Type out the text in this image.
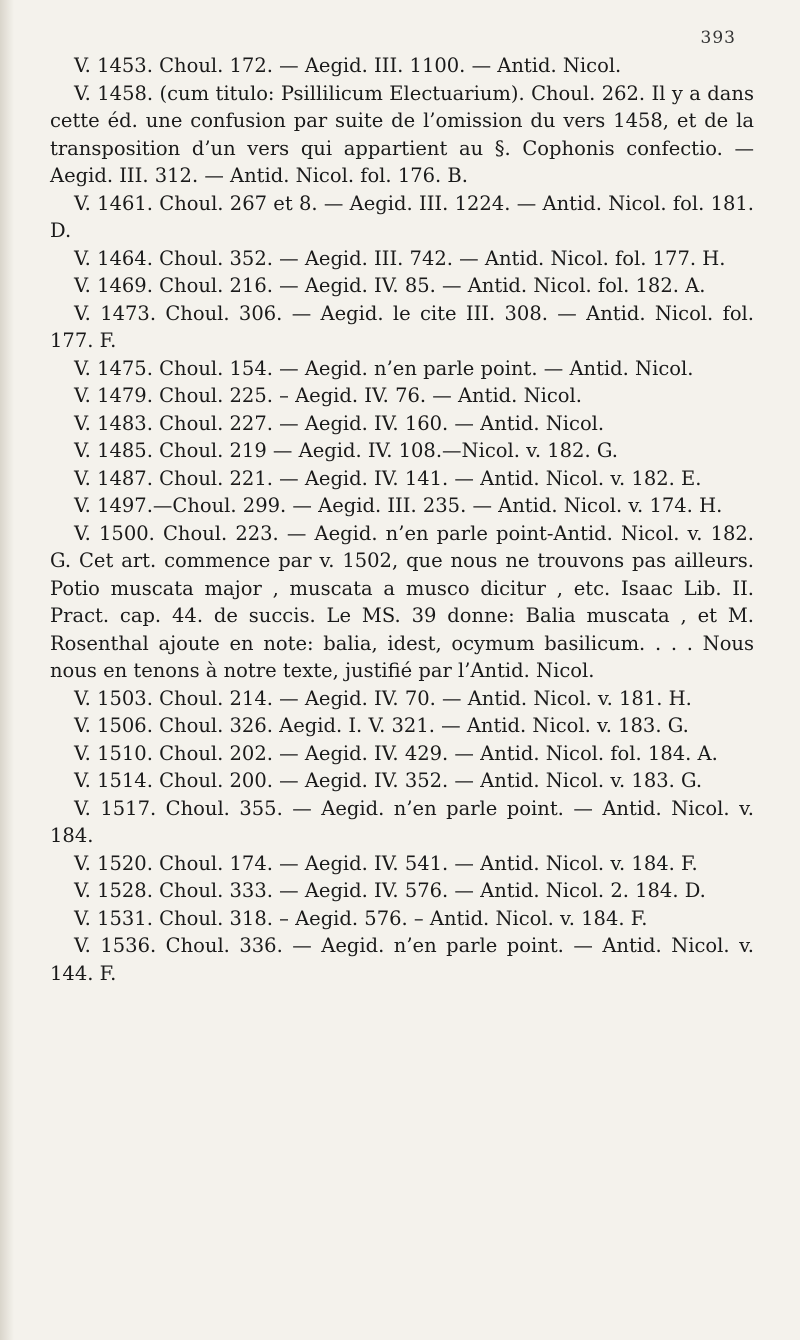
393

V. 1453. Choul. 172. — Aegid. III. 1100. — Antid. Nicol.

V. 1458. (cum titulo: Psillilicum Electuarium). Choul. 262. Il y a dans cette éd. une confusion par suite de l’omission du vers 1458, et de la transposition d’un vers qui appartient au §. Cophonis confectio. — Aegid. III. 312. — Antid. Nicol. fol. 176. B.

V. 1461. Choul. 267 et 8. — Aegid. III. 1224. — Antid. Nicol. fol. 181. D.

V. 1464. Choul. 352. — Aegid. III. 742. — Antid. Nicol. fol. 177. H.

V. 1469. Choul. 216. — Aegid. IV. 85. — Antid. Nicol. fol. 182. A.

V. 1473. Choul. 306. — Aegid. le cite III. 308. — Antid. Nicol. fol. 177. F.

V. 1475. Choul. 154. — Aegid. n’en parle point. — Antid. Nicol.

V. 1479. Choul. 225. – Aegid. IV. 76. — Antid. Nicol.

V. 1483. Choul. 227. — Aegid. IV. 160. — Antid. Nicol.

V. 1485. Choul. 219 — Aegid. IV. 108.—Nicol. v. 182. G.

V. 1487. Choul. 221. — Aegid. IV. 141. — Antid. Nicol. v. 182. E.

V. 1497.—Choul. 299. — Aegid. III. 235. — Antid. Nicol. v. 174. H.

V. 1500. Choul. 223. — Aegid. n’en parle point-Antid. Nicol. v. 182. G. Cet art. commence par v. 1502, que nous ne trouvons pas ailleurs. Potio muscata major , muscata a musco dicitur , etc. Isaac Lib. II. Pract. cap. 44. de succis. Le MS. 39 donne: Balia muscata , et M. Rosenthal ajoute en note: balia, idest, ocymum basilicum. . . . Nous nous en tenons à notre texte, justifié par l’Antid. Nicol.

V. 1503. Choul. 214. — Aegid. IV. 70. — Antid. Nicol. v. 181. H.

V. 1506. Choul. 326. Aegid. I. V. 321. — Antid. Nicol. v. 183. G.

V. 1510. Choul. 202. — Aegid. IV. 429. — Antid. Nicol. fol. 184. A.

V. 1514. Choul. 200. — Aegid. IV. 352. — Antid. Nicol. v. 183. G.

V. 1517. Choul. 355. — Aegid. n’en parle point. — Antid. Nicol. v. 184.

V. 1520. Choul. 174. — Aegid. IV. 541. — Antid. Nicol. v. 184. F.

V. 1528. Choul. 333. — Aegid. IV. 576. — Antid. Nicol. 2. 184. D.

V. 1531. Choul. 318. – Aegid. 576. – Antid. Nicol. v. 184. F.

V. 1536. Choul. 336. — Aegid. n’en parle point. — Antid. Nicol. v. 144. F.
